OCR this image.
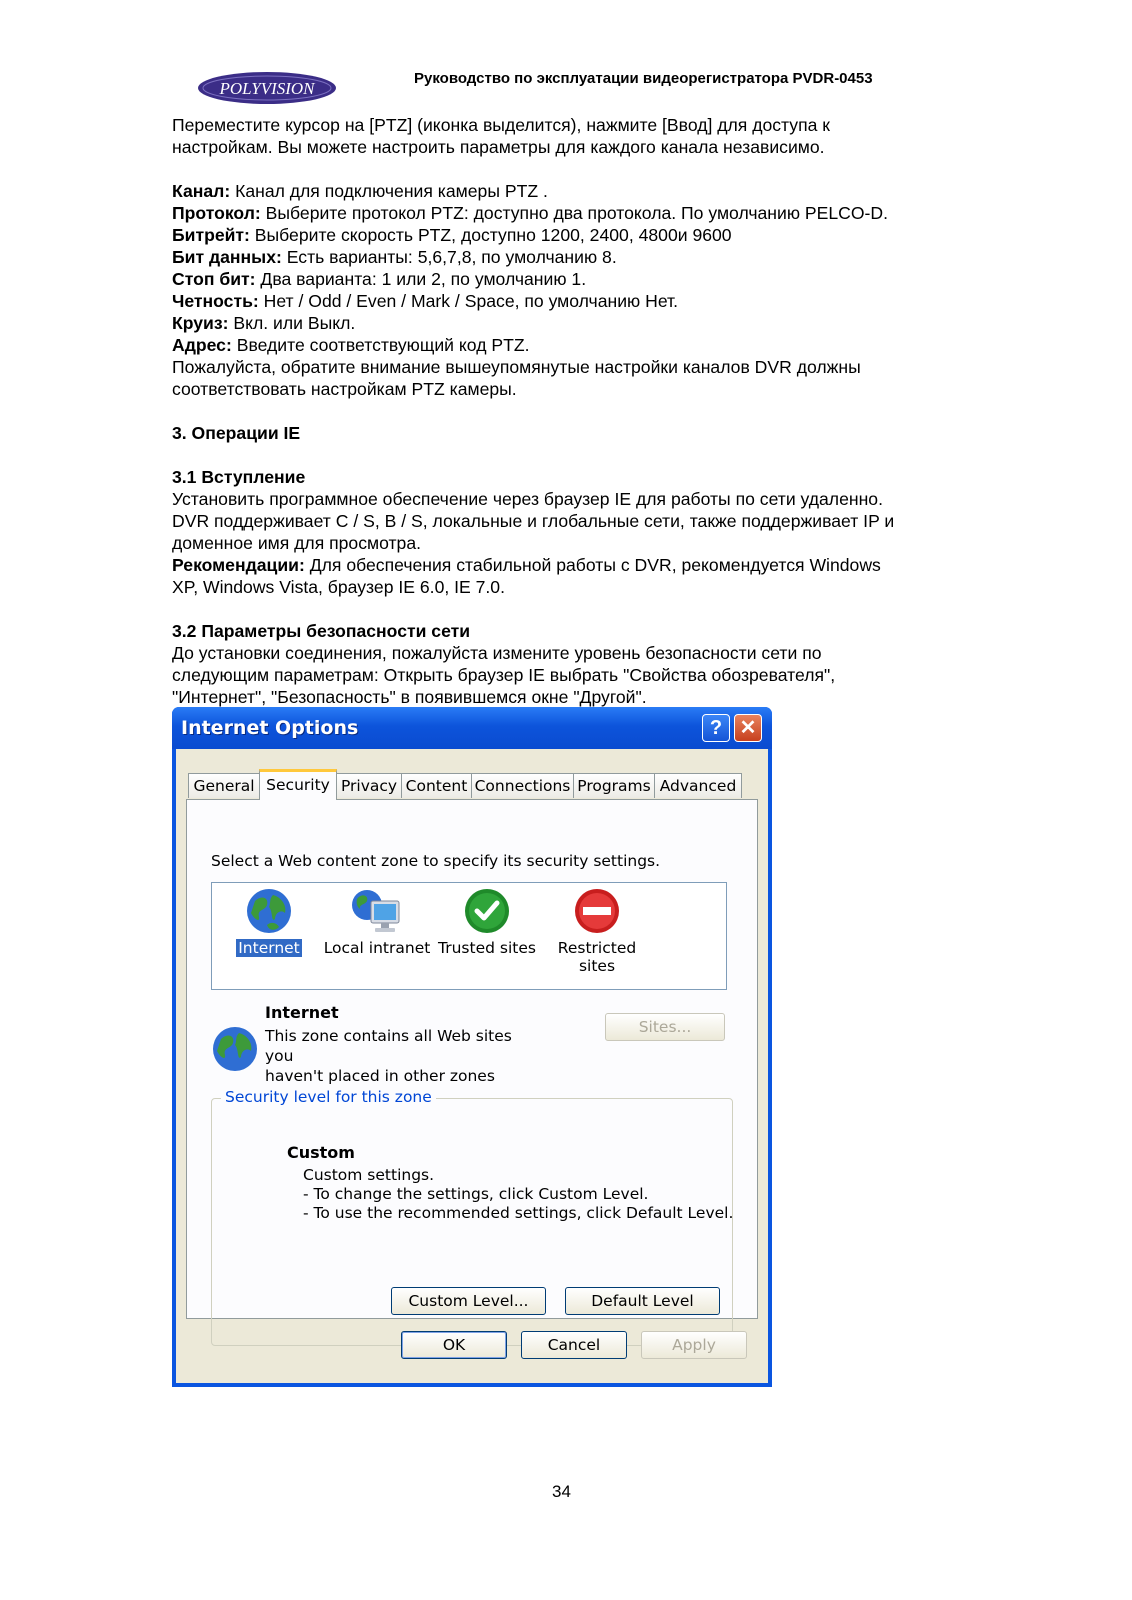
POLYVISION
Руководство по эксплуатации видеорегистратора PVDR-0453

Переместите курсор на [PTZ] (иконка выделится), нажмите [Ввод] для доступа к

настройкам. Вы можете настроить параметры для каждого канала независимо.

Канал: Канал для подключения камеры PTZ .

Протокол: Выберите протокол PTZ: доступно два протокола. По умолчанию PELCO-D.

Битрейт: Выберите скорость PTZ, доступно 1200, 2400, 4800и 9600

Бит данных: Есть варианты: 5,6,7,8, по умолчанию 8.

Стоп бит: Два варианта: 1 или 2, по умолчанию 1.

Четность: Нет / Odd / Even / Mark / Space, по умолчанию Нет.

Круиз: Вкл. или Выкл.

Адрес: Введите соответствующий код PTZ.

Пожалуйста, обратите внимание вышеупомянутые настройки каналов DVR должны

соответствовать настройкам PTZ камеры.

3. Операции IE

3.1 Вступление

Установить программное обеспечение через браузер IE для работы по сети удаленно.

DVR поддерживает C / S, B / S, локальные и глобальные сети, также поддерживает IP и

доменное имя для просмотра.

Рекомендации: Для обеспечения стабильной работы с DVR, рекомендуется Windows

XP, Windows Vista, браузер IE 6.0, IE 7.0.

3.2 Параметры безопасности сети

До установки соединения, пожалуйста измените уровень безопасности сети по

следующим параметрам: Открыть браузер IE выбрать "Свойства обозревателя",

"Интернет", "Безопасность" в появившемся окне "Другой".

Internet Options	? ✕
General Security Privacy Content Connections Programs Advanced
Select a Web content zone to specify its security settings.
Internet	Local intranet Trusted sites	Restricted
sites
Internet
This zone contains all Web sites you
haven't placed in other zones
Sites...
Security level for this zone
Custom
Custom settings.
- To change the settings, click Custom Level.
- To use the recommended settings, click Default Level.
Custom Level...	Default Level
OK	Cancel	Apply
34
